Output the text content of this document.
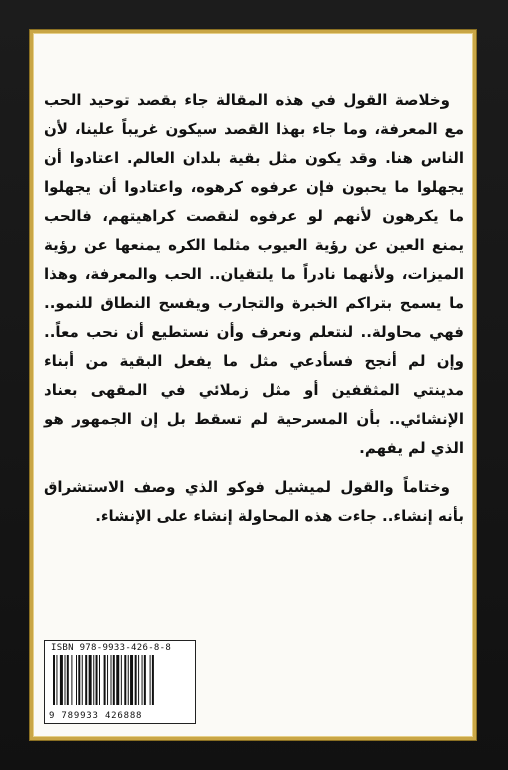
وخلاصة القول في هذه المقالة جاء بقصد توحيد الحب مع المعرفة، وما جاء بهذا القصد سيكون غريباً علينا، لأن الناس هنا. وقد يكون مثل بقية بلدان العالم. اعتادوا أن يجهلوا ما يحبون فإن عرفوه كرهوه، واعتادوا أن يجهلوا ما يكرهون لأنهم لو عرفوه لنقصت كراهيتهم، فالحب يمنع العين عن رؤية العيوب مثلما الكره يمنعها عن رؤية الميزات، ولأنهما نادراً ما يلتقيان.. الحب والمعرفة، وهذا ما يسمح بتراكم الخبرة والتجارب ويفسح النطاق للنمو.. فهي محاولة.. لنتعلم ونعرف وأن نستطيع أن نحب معاً.. وإن لم أنجح فسأدعي مثل ما يفعل البقية من أبناء مدينتي المثقفين أو مثل زملائي في المقهى بعناد الإنشائي.. بأن المسرحية لم تسقط بل إن الجمهور هو الذي لم يفهم.

وختاماً والقول لميشيل فوكو الذي وصف الاستشراق بأنه إنشاء.. جاءت هذه المحاولة إنشاء على الإنشاء.

ISBN 978-9933-426-8-8
9 789933 426888
